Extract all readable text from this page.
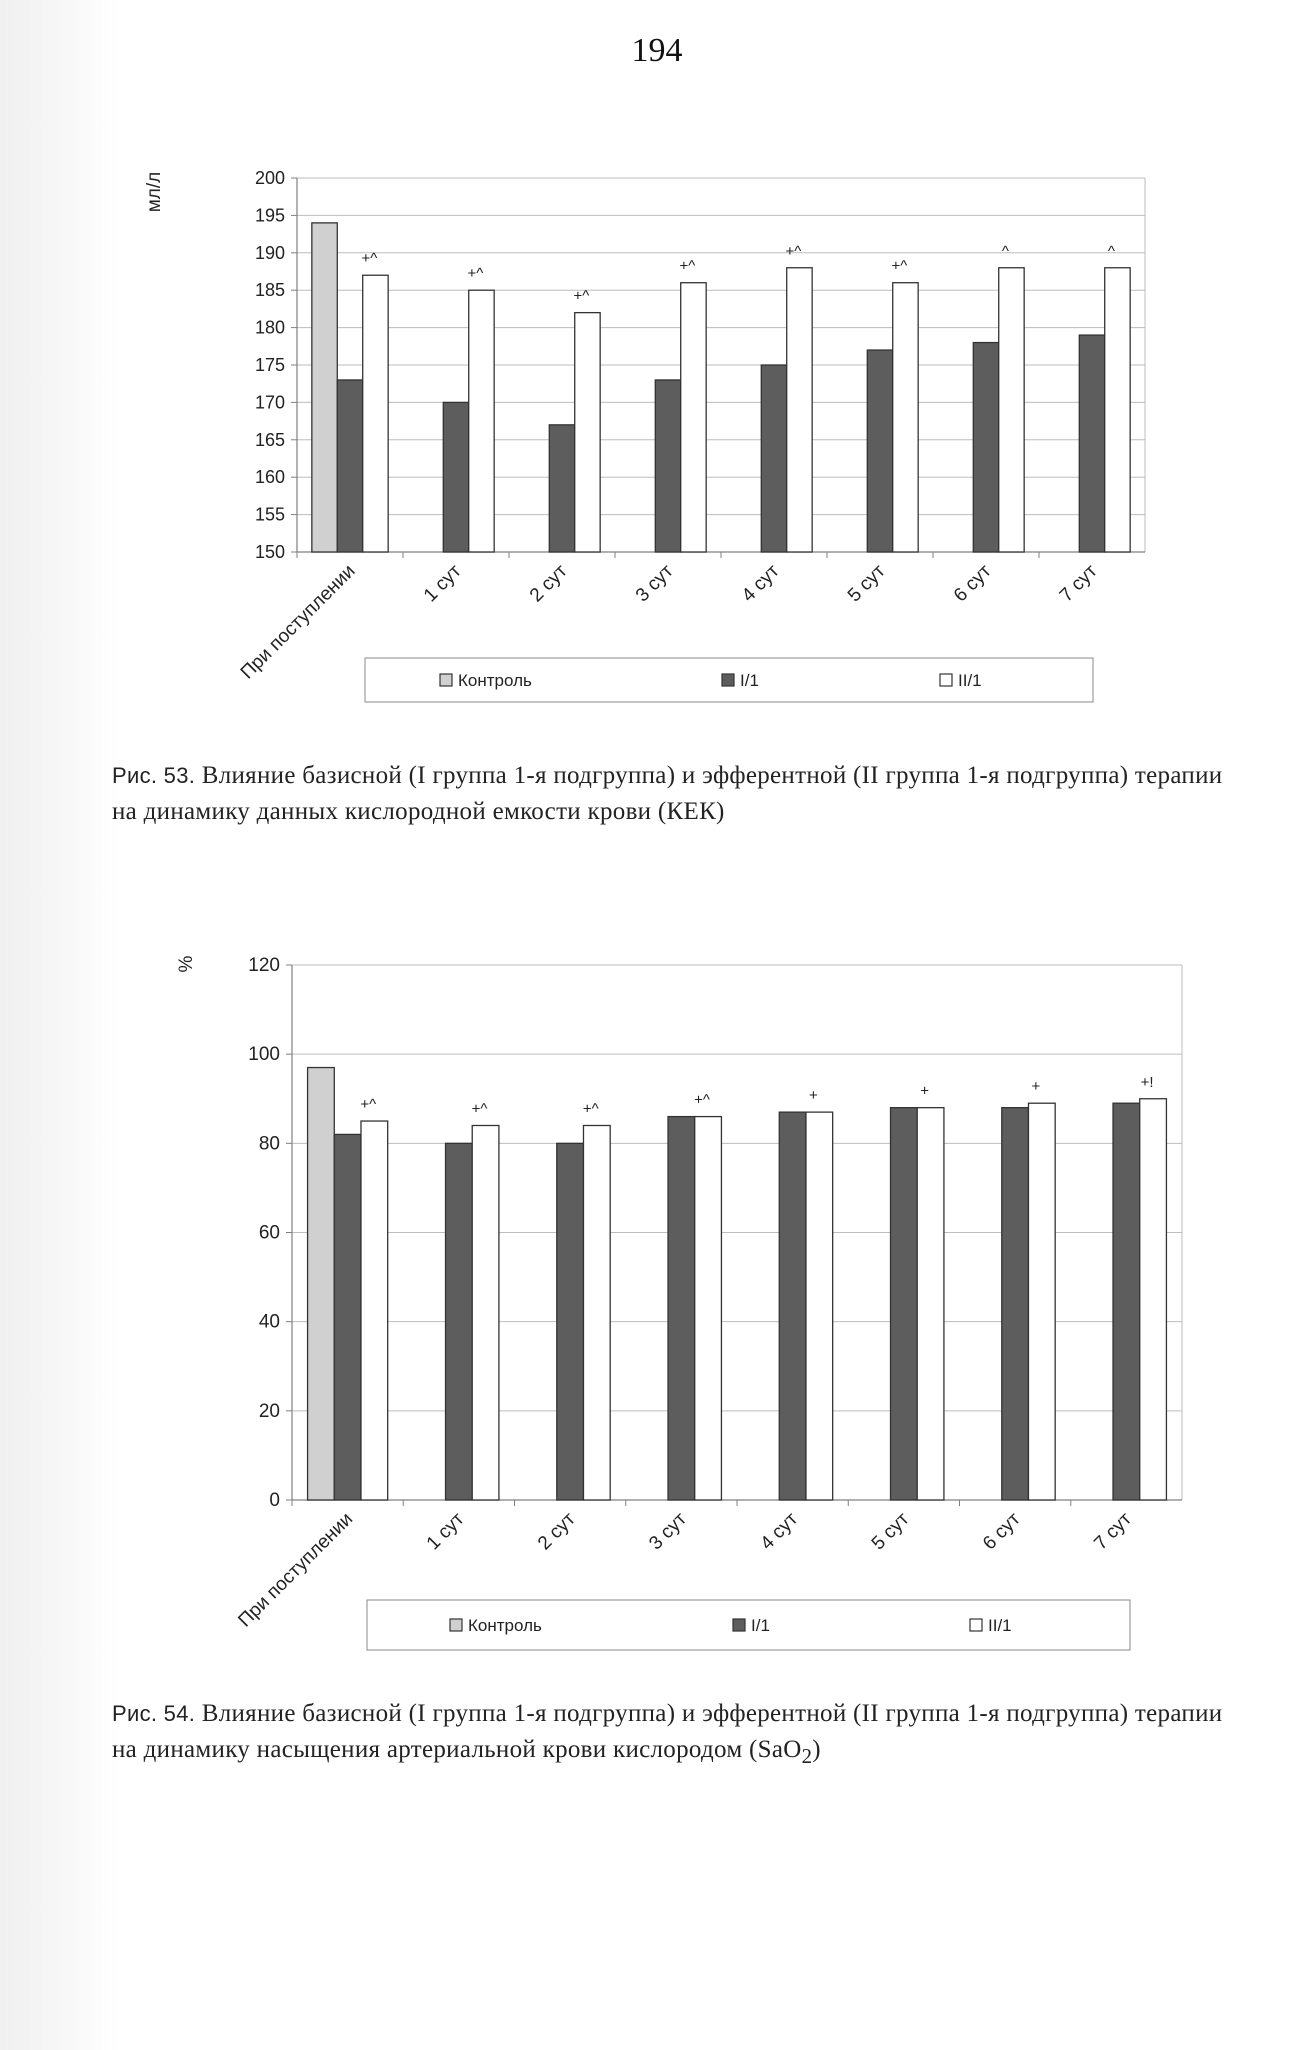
194
150
155
160
165
170
175
180
185
190
195
200
мл/л
+^
При поступлении
+^
1 сут
+^
2 сут
+^
3 сут
+^
4 сут
+^
5 сут
^
6 сут
^
7 сут
Контроль	I/1	II/1
Рис. 53. Влияние базисной (I группа 1-я подгруппа) и эфферентной (II группа 1-я подгруппа) терапии на динамику данных кислородной емкости крови (КЕК)
0
20
40
60
80
100
120
%
+^
При поступлении
+^
1 сут
+^
2 сут
+^
3 сут
+
4 сут
+
5 сут
+
6 сут
+!
7 сут
Контроль	I/1	II/1
Рис. 54. Влияние базисной (I группа 1-я подгруппа) и эфферентной (II группа 1-я подгруппа) терапии на динамику насыщения артериальной крови кислородом (SaO$_2$)
